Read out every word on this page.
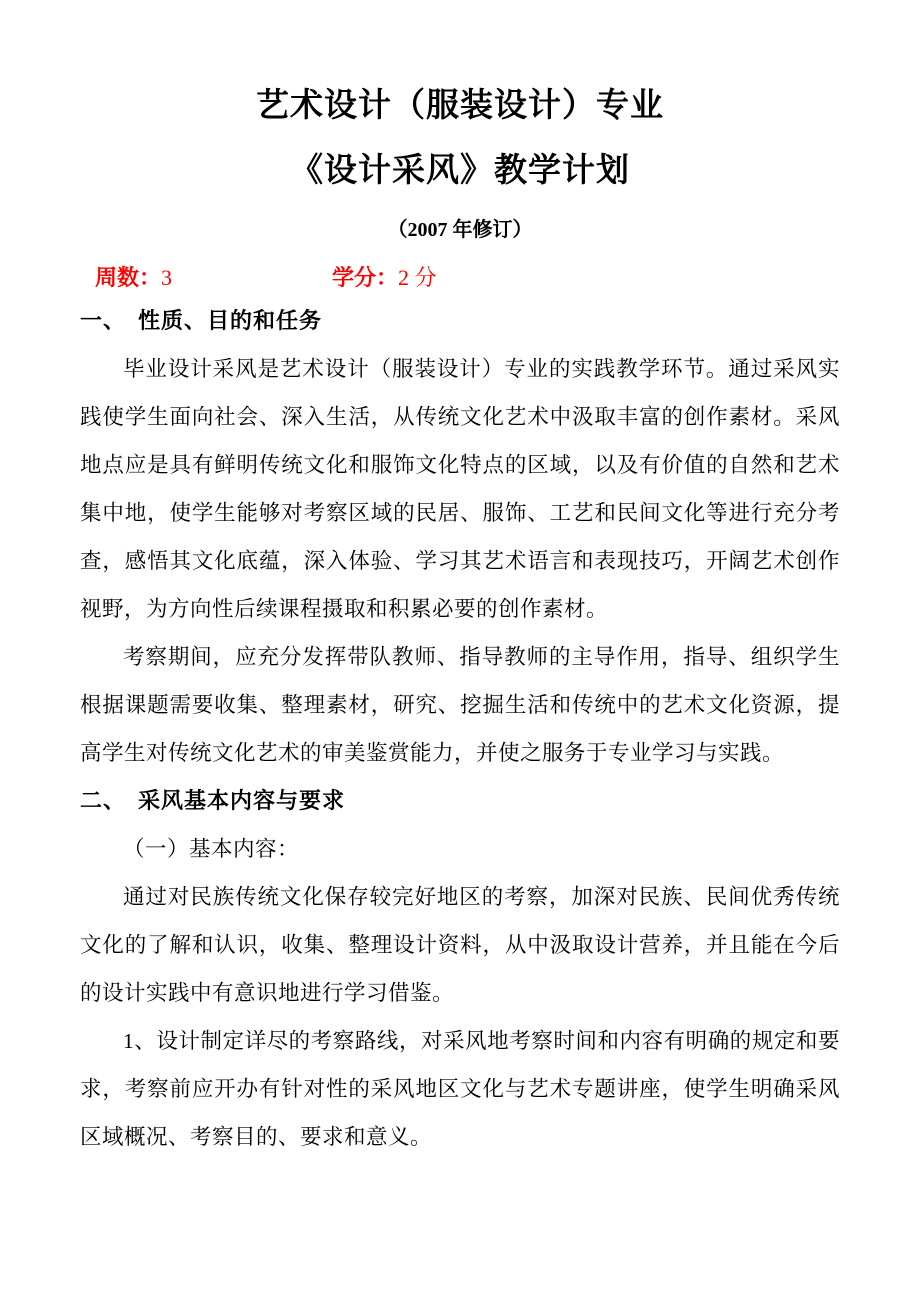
艺术设计（服装设计）专业
《设计采风》教学计划
（2007 年修订）
周数：3	学分：2 分
一、　性质、目的和任务

毕业设计采风是艺术设计（服装设计）专业的实践教学环节。通过采风实践使学生面向社会、深入生活，从传统文化艺术中汲取丰富的创作素材。采风地点应是具有鲜明传统文化和服饰文化特点的区域，以及有价值的自然和艺术集中地，使学生能够对考察区域的民居、服饰、工艺和民间文化等进行充分考查，感悟其文化底蕴，深入体验、学习其艺术语言和表现技巧，开阔艺术创作视野，为方向性后续课程摄取和积累必要的创作素材。

考察期间，应充分发挥带队教师、指导教师的主导作用，指导、组织学生根据课题需要收集、整理素材，研究、挖掘生活和传统中的艺术文化资源，提高学生对传统文化艺术的审美鉴赏能力，并使之服务于专业学习与实践。

二、　采风基本内容与要求

（一）基本内容：

通过对民族传统文化保存较完好地区的考察，加深对民族、民间优秀传统文化的了解和认识，收集、整理设计资料，从中汲取设计营养，并且能在今后的设计实践中有意识地进行学习借鉴。

1、设计制定详尽的考察路线，对采风地考察时间和内容有明确的规定和要求，考察前应开办有针对性的采风地区文化与艺术专题讲座，使学生明确采风区域概况、考察目的、要求和意义。
